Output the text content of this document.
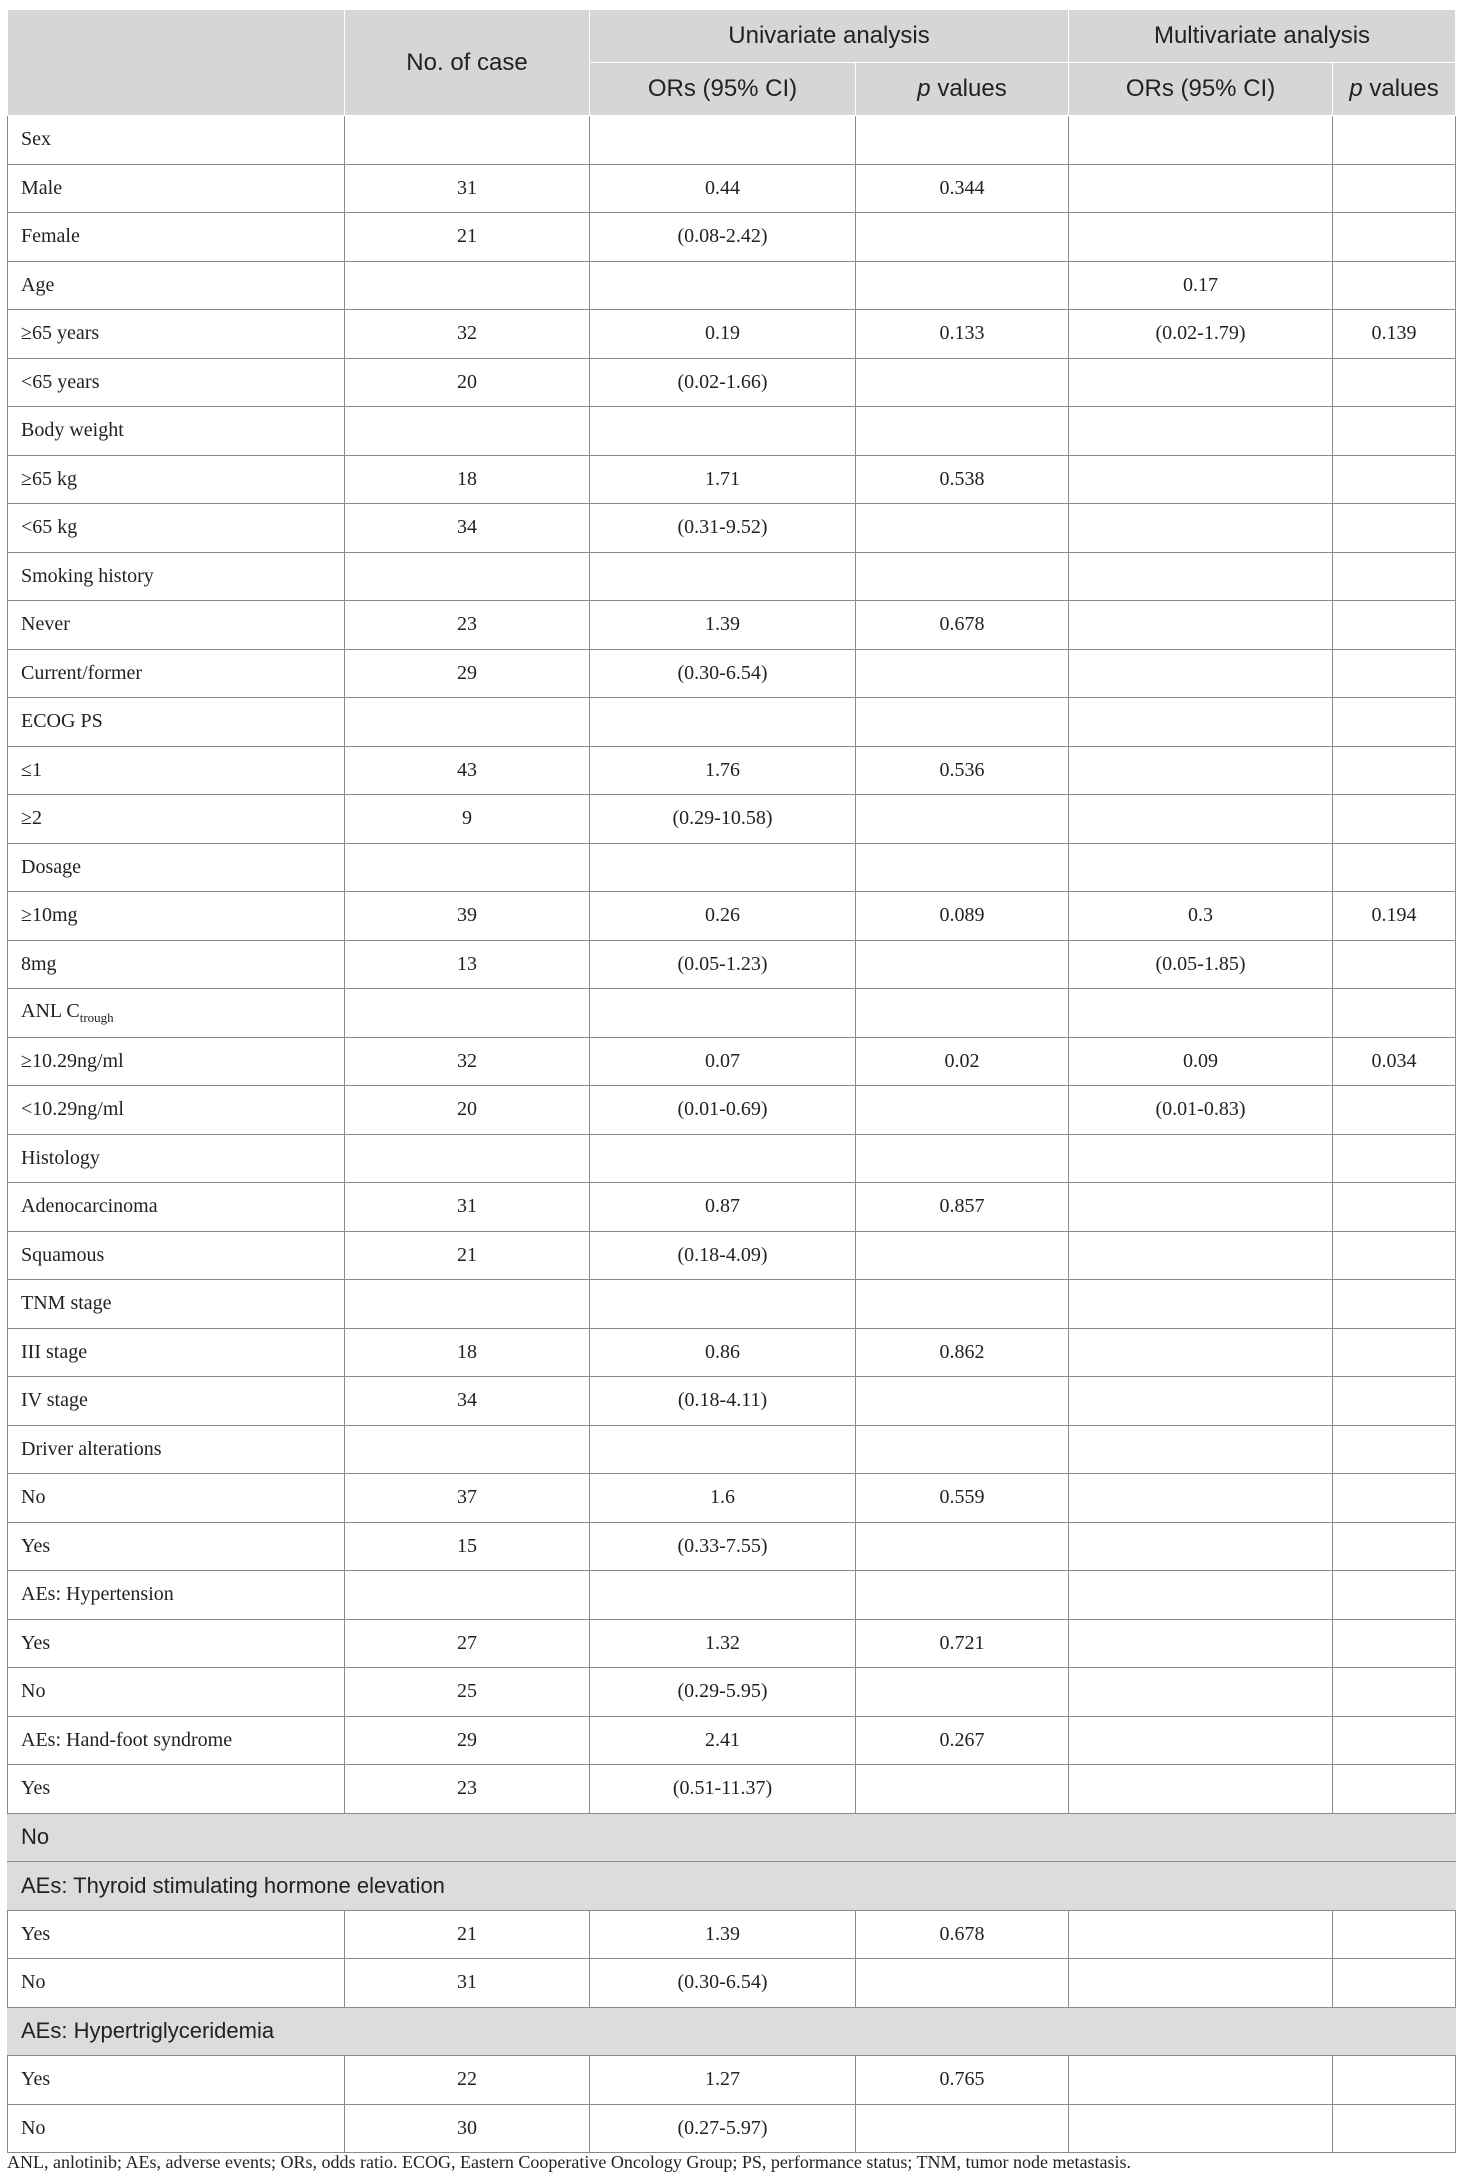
	No. of case	Univariate analysis		Multivariate analysis	
		ORs (95% CI)	p values	ORs (95% CI)	p values
Sex					
Male	31	0.44	0.344		
Female	21	(0.08-2.42)			
Age				0.17	
≥65 years	32	0.19	0.133	(0.02-1.79)	0.139
<65 years	20	(0.02-1.66)			
Body weight					
≥65 kg	18	1.71	0.538		
<65 kg	34	(0.31-9.52)			
Smoking history					
Never	23	1.39	0.678		
Current/former	29	(0.30-6.54)			
ECOG PS					
≤1	43	1.76	0.536		
≥2	9	(0.29-10.58)			
Dosage					
≥10mg	39	0.26	0.089	0.3	0.194
8mg	13	(0.05-1.23)		(0.05-1.85)	
ANL $C_{trough}$					
≥10.29ng/ml	32	0.07	0.02	0.09	0.034
<10.29ng/ml	20	(0.01-0.69)		(0.01-0.83)	
Histology					
Adenocarcinoma	31	0.87	0.857		
Squamous	21	(0.18-4.09)			
TNM stage					
III stage	18	0.86	0.862		
IV stage	34	(0.18-4.11)			
Driver alterations					
No	37	1.6	0.559		
Yes	15	(0.33-7.55)			
AEs: Hypertension					
Yes	27	1.32	0.721		
No	25	(0.29-5.95)			
AEs: Hand-foot syndrome	29	2.41	0.267		
Yes	23	(0.51-11.37)			
No					
AEs: Thyroid stimulating hormone elevation					
Yes	21	1.39	0.678		
No	31	(0.30-6.54)			
AEs: Hypertriglyceridemia					
Yes	22	1.27	0.765		
No	30	(0.27-5.97)			
ANL, anlotinib; AEs, adverse events; ORs, odds ratio. ECOG, Eastern Cooperative Oncology Group; PS, performance status; TNM, tumor node metastasis.
